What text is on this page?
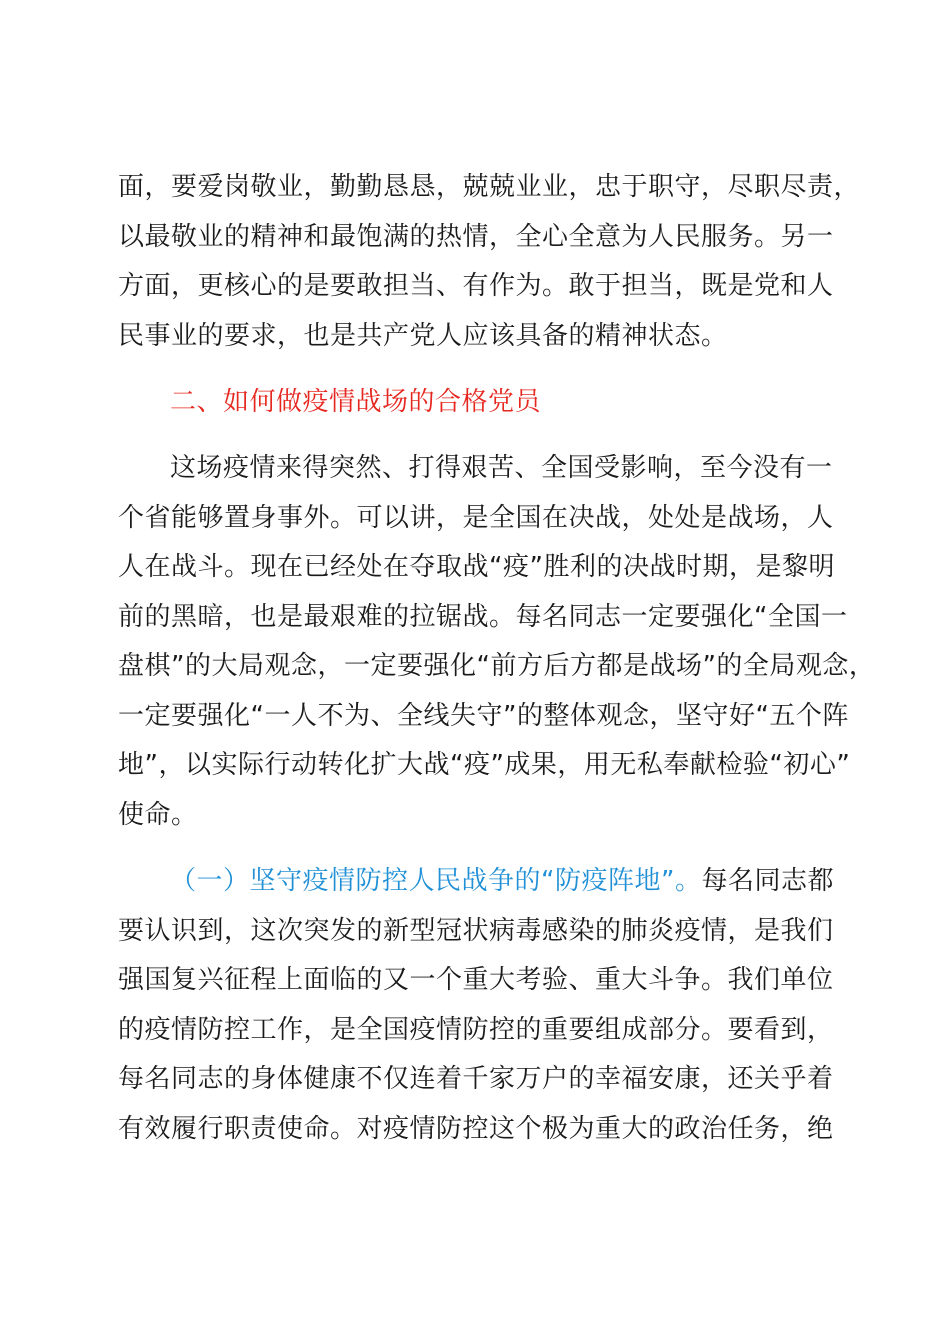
面，要爱岗敬业，勤勤恳恳，兢兢业业，忠于职守，尽职尽责，
以最敬业的精神和最饱满的热情，全心全意为人民服务。另一
方面，更核心的是要敢担当、有作为。敢于担当，既是党和人
民事业的要求，也是共产党人应该具备的精神状态。
二、如何做疫情战场的合格党员
这场疫情来得突然、打得艰苦、全国受影响，至今没有一
个省能够置身事外。可以讲，是全国在决战，处处是战场，人
人在战斗。现在已经处在夺取战“疫”胜利的决战时期，是黎明
前的黑暗，也是最艰难的拉锯战。每名同志一定要强化“全国一
盘棋”的大局观念，一定要强化“前方后方都是战场”的全局观念，
一定要强化“一人不为、全线失守”的整体观念，坚守好“五个阵
地”，以实际行动转化扩大战“疫”成果，用无私奉献检验“初心”
使命。
（一）坚守疫情防控人民战争的“防疫阵地”。每名同志都
要认识到，这次突发的新型冠状病毒感染的肺炎疫情，是我们
强国复兴征程上面临的又一个重大考验、重大斗争。我们单位
的疫情防控工作，是全国疫情防控的重要组成部分。要看到，
每名同志的身体健康不仅连着千家万户的幸福安康，还关乎着
有效履行职责使命。对疫情防控这个极为重大的政治任务，绝
